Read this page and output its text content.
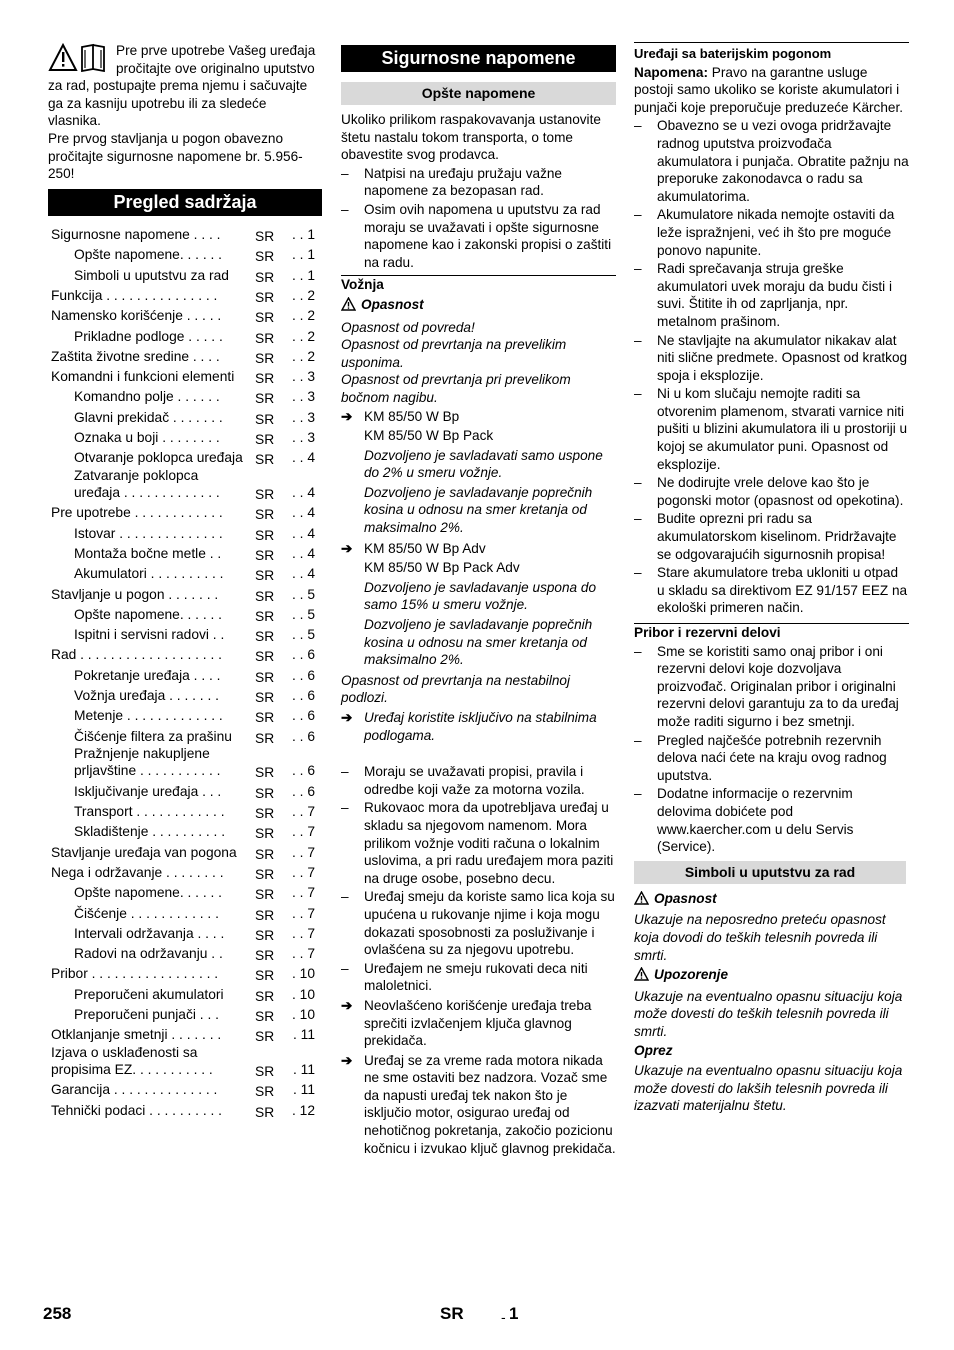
Pre prve upotrebe Vašeg uređaja pročitajte ove originalno uputstvo za rad, postupajte prema njemu i sačuvajte ga za kasniju upotrebu ili za sledeće vlasnika.

Pre prvog stavljanja u pogon obavezno pročitajte sigurnosne napomene br. 5.956-250!

Pregled sadržaja
Sigurnosne napomene . . . . SR . . 1
Opšte napomene. . . . . . SR . . 1
Simboli u uputstvu za rad SR . . 1
Funkcija . . . . . . . . . . . . . . .	SR . . 2
Namensko korišćenje . . . . . SR . . 2
Prikladne podloge . . . . . SR . . 2
Zaštita životne sredine . . . .	SR . . 2
Komandni i funkcioni elementi SR . . 3
Komandno polje . . . . . .	SR . . 3
Glavni prekidač . . . . . . . SR . . 3
Oznaka u boji . . . . . . . .	SR . . 3
Otvaranje poklopca uređaja SR . . 4
Zatvaranje poklopca
uređaja . . . . . . . . . . . . .	SR . . 4
Pre upotrebe . . . . . . . . . . . . SR . . 4
Istovar . . . . . . . . . . . . . . SR . . 4
Montaža bočne metle . . SR . . 4
Akumulatori . . . . . . . . . . SR . . 4
Stavljanje u pogon . . . . . . .	SR . . 5
Opšte napomene. . . . . . SR . . 5
Ispitni i servisni radovi . . SR . . 5
Rad . . . . . . . . . . . . . . . . . . . SR . . 6
Pokretanje uređaja . . . .	SR . . 6
Vožnja uređaja . . . . . . .	SR . . 6
Metenje . . . . . . . . . . . . . SR . . 6
Čišćenje filtera za prašinu SR . . 6
Pražnjenje nakupljene
prljavštine . . . . . . . . . . .	SR . . 6
Isključivanje uređaja . . . SR . . 6
Transport . . . . . . . . . . . . SR . . 7
Skladištenje . . . . . . . . . . SR . . 7
Stavljanje uređaja van pogona SR . . 7
Nega i održavanje . . . . . . . . SR . . 7
Opšte napomene. . . . . . SR . . 7
Čišćenje . . . . . . . . . . . .	SR . . 7
Intervali održavanja . . . . SR . . 7
Radovi na održavanju . . SR . . 7
Pribor . . . . . . . . . . . . . . . . .	SR . 10
Preporučeni akumulatori SR . 10
Preporučeni punjači . . .	SR . 10
Otklanjanje smetnji . . . . . . . SR . 11
Izjava o usklađenosti sa
propisima EZ. . . . . . . . . . .	SR . 11
Garancija . . . . . . . . . . . . . .	SR . 11
Tehnički podaci . . . . . . . . . . SR . 12
Sigurnosne napomene
Opšte napomene

Ukoliko prilikom raspakovavanja ustanovite štetu nastalu tokom transporta, o tome obavestite svog prodavca.

– Natpisi na uređaju pružaju važne napomene za bezopasan rad.
– Osim ovih napomena u uputstvu za rad moraju se uvažavati i opšte sigurnosne napomene kao i zakonski propisi o zaštiti na radu.
Vožnja
Opasnost

Opasnost od povreda!

Opasnost od prevrtanja na prevelikim usponima.

Opasnost od prevrtanja pri prevelikom bočnom nagibu.

➔ KM 85/50 W Bp
KM 85/50 W Bp Pack
Dozvoljeno je savladavati samo uspone do 2% u smeru vožnje.
Dozvoljeno je savladavanje poprečnih kosina u odnosu na smer kretanja od maksimalno 2%.
➔ KM 85/50 W Bp Adv
KM 85/50 W Bp Pack Adv
Dozvoljeno je savladavanje uspona do samo 15% u smeru vožnje.
Dozvoljeno je savladavanje poprečnih kosina u odnosu na smer kretanja od maksimalno 2%.

Opasnost od prevrtanja na nestabilnoj podlozi.

➔ Uređaj koristite isključivo na stabilnima podlogama.
– Moraju se uvažavati propisi, pravila i odredbe koji važe za motorna vozila.
– Rukovaoc mora da upotrebljava uređaj u skladu sa njegovom namenom. Mora prilikom vožnje voditi računa o lokalnim uslovima, a pri radu uređajem mora paziti na druge osobe, posebno decu.
– Uređaj smeju da koriste samo lica koja su upućena u rukovanje njime i koja mogu dokazati sposobnosti za posluživanje i ovlašćena su za njegovu upotrebu.
– Uređajem ne smeju rukovati deca niti maloletnici.
➔ Neovlašćeno korišćenje uređaja treba sprečiti izvlačenjem ključa glavnog prekidača.
➔ Uređaj se za vreme rada motora nikada ne sme ostaviti bez nadzora. Vozač sme da napusti uređaj tek nakon što je isključio motor, osigurao uređaj od nehotičnog pokretanja, zakočio pozicionu kočnicu i izvukao ključ glavnog prekidača.
Uređaji sa baterijskim pogonom

Napomena: Pravo na garantne usluge postoji samo ukoliko se koriste akumulatori i punjači koje preporučuje preduzeće Kärcher.

– Obavezno se u vezi ovoga pridržavajte radnog uputstva proizvođača akumulatora i punjača. Obratite pažnju na preporuke zakonodavca o radu sa akumulatorima.
– Akumulatore nikada nemojte ostaviti da leže ispražnjeni, već ih što pre moguće ponovo napunite.
– Radi sprečavanja struja greške akumulatori uvek moraju da budu čisti i suvi. Štitite ih od zaprljanja, npr. metalnom prašinom.
– Ne stavljajte na akumulator nikakav alat niti slične predmete. Opasnost od kratkog spoja i eksplozije.
– Ni u kom slučaju nemojte raditi sa otvorenim plamenom, stvarati varnice niti pušiti u blizini akumulatora ili u prostoriji u kojoj se akumulator puni. Opasnost od eksplozije.
– Ne dodirujte vrele delove kao što je pogonski motor (opasnost od opekotina).
– Budite oprezni pri radu sa akumulatorskom kiselinom. Pridržavajte se odgovarajućih sigurnosnih propisa!
– Stare akumulatore treba ukloniti u otpad u skladu sa direktivom EZ 91/157 EEZ na ekološki primeren način.
Pribor i rezervni delovi
– Sme se koristiti samo onaj pribor i oni rezervni delovi koje dozvoljava proizvođač. Originalan pribor i originalni rezervni delovi garantuju za to da uređaj može raditi sigurno i bez smetnji.
– Pregled najčešće potrebnih rezervnih delova naći ćete na kraju ovog radnog uputstva.
– Dodatne informacije o rezervnim delovima dobićete pod www.kaercher.com u delu Servis (Service).
Simboli u uputstvu za rad
Opasnost

Ukazuje na neposredno preteću opasnost koja dovodi do teških telesnih povreda ili smrti.

Upozorenje

Ukazuje na eventualno opasnu situaciju koja može dovesti do teških telesnih povreda ili smrti.

Oprez

Ukazuje na eventualno opasnu situaciju koja može dovesti do lakših telesnih povreda ili izazvati materijalnu štetu.

258	SR	- 1
